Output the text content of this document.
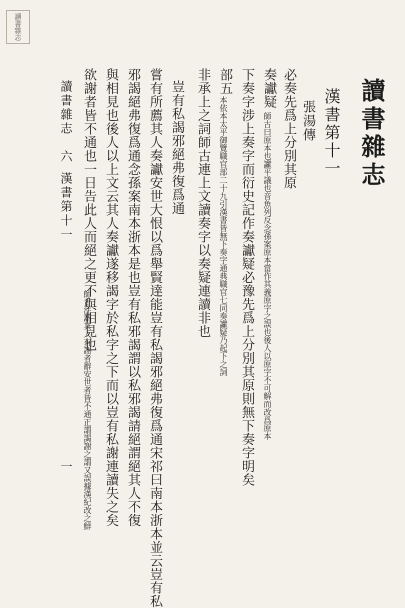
讀書雜志
讀書雜志
漢書第十一
張湯傳
必奏先爲上分別其原
奏讞疑
師古曰原本也讞平議也音魚列反念孫案原本當作其義原字之誤也後人以原字不可解而改爲原本
下奏字涉上奏字而衍史記作奏讞疑必豫先爲上分別其原則無下奏字明矣
部五
本依本太平御覽職官部二十九引漢書皆無下奏字通典職官七同奏讞疑乃起下之詞
非承上之詞師古連上文讀奏字以奏疑連讀非也
豈有私謁邪絕弗復爲通
嘗有所薦其人奏讞安世大恨以爲舉賢達能豈有私謁邪絕弗復爲通宋祁曰南本浙本並云豈有私
邪謁絕弗復爲通念孫案南本浙本是也豈有私邪謁謂以私邪謁請絕謂絕其人不復
與相見也後人以上文云其人奏讞遂移謁字於私字之下而以豈有私謝連讀失之矣
欲謝者皆不通也一日告此人而絕之更不與相見也
師古注謂其人有謝者辭安世者皆不通正謂謁謝之謂又誤據漢紀改之鮮
讀書雜志
六
漢書第十一
一
